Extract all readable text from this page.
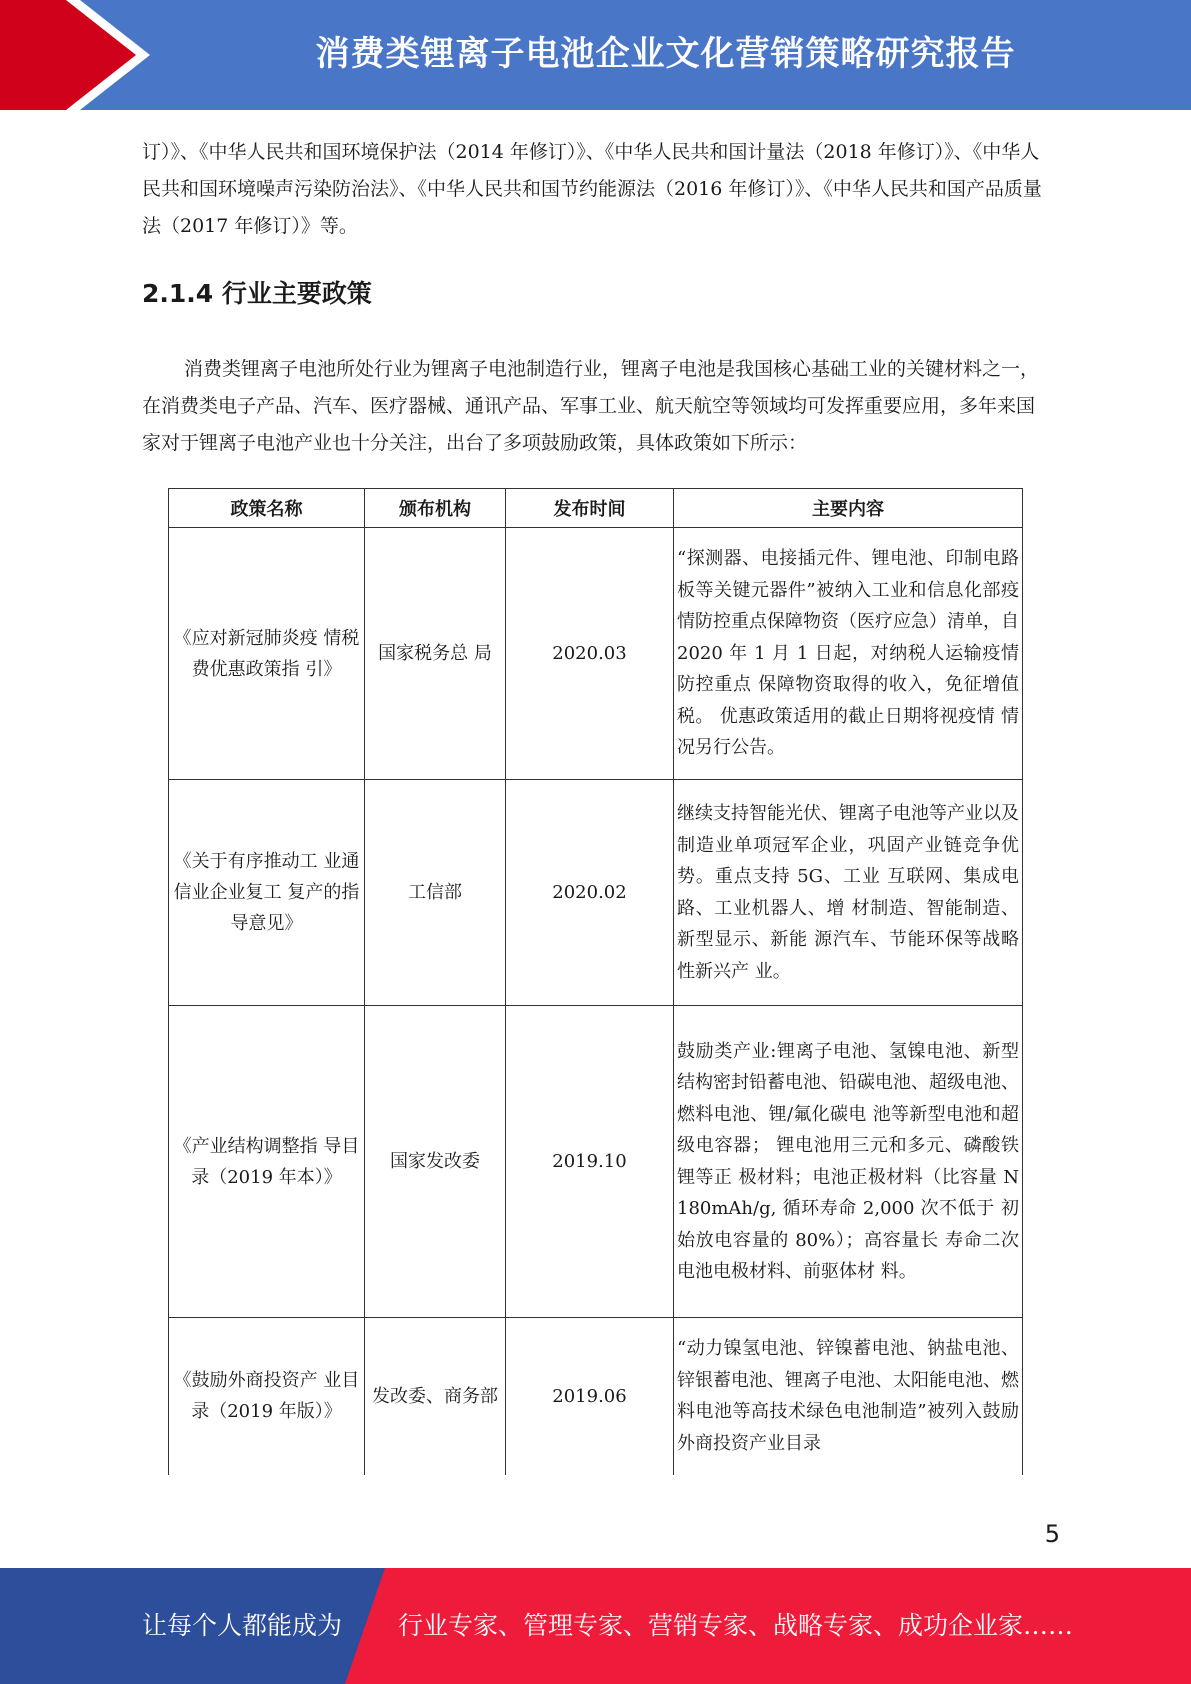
消费类锂离子电池企业文化营销策略研究报告

订）》、《中华人民共和国环境保护法（2014 年修订）》、《中华人民共和国计量法（2018 年修订）》、《中华人民共和国环境噪声污染防治法》、《中华人民共和国节约能源法（2016 年修订）》、《中华人民共和国产品质量法（2017 年修订）》等。

2.1.4 行业主要政策

消费类锂离子电池所处行业为锂离子电池制造行业，锂离子电池是我国核心基础工业的关键材料之一，在消费类电子产品、汽车、医疗器械、通讯产品、军事工业、航天航空等领域均可发挥重要应用，多年来国家对于锂离子电池产业也十分关注，出台了多项鼓励政策，具体政策如下所示：

政策名称	颁布机构	发布时间	主要内容
《应对新冠肺炎疫 情税费优惠政策指 引》	国家税务总 局	2020.03	“探测器、电接插元件、锂电池、印制电路板等关键元器件”被纳入工业和信息化部疫情防控重点保障物资（医疗应急）清单，自 2020 年 1 月 1 日起，对纳税人运输疫情防控重点 保障物资取得的收入，免征增值税。 优惠政策适用的截止日期将视疫情 情况另行公告。
《关于有序推动工 业通信业企业复工 复产的指导意见》	工信部	2020.02	继续支持智能光伏、锂离子电池等产业以及制造业单项冠军企业，巩固产业链竞争优势。重点支持 5G、工业 互联网、集成电路、工业机器人、增 材制造、智能制造、新型显示、新能 源汽车、节能环保等战略性新兴产 业。
《产业结构调整指 导目录（2019 年本）》	国家发改委	2019.10	鼓励类产业:锂离子电池、氢镍电池、新型结构密封铅蓄电池、铅碳电池、超级电池、燃料电池、锂/氟化碳电 池等新型电池和超级电容器； 锂电池用三元和多元、磷酸铁锂等正 极材料；电池正极材料（比容量 N 180mAh/g, 循环寿命 2,000 次不低于 初始放电容量的 80%）；高容量长 寿命二次电池电极材料、前驱体材 料。
《鼓励外商投资产 业目录（2019 年版）》	发改委、商务部	2019.06	“动力镍氢电池、锌镍蓄电池、钠盐电池、锌银蓄电池、锂离子电池、太阳能电池、燃料电池等高技术绿色电池制造”被列入鼓励外商投资产业目录
5
让每个人都能成为 行业专家、管理专家、营销专家、战略专家、成功企业家……
